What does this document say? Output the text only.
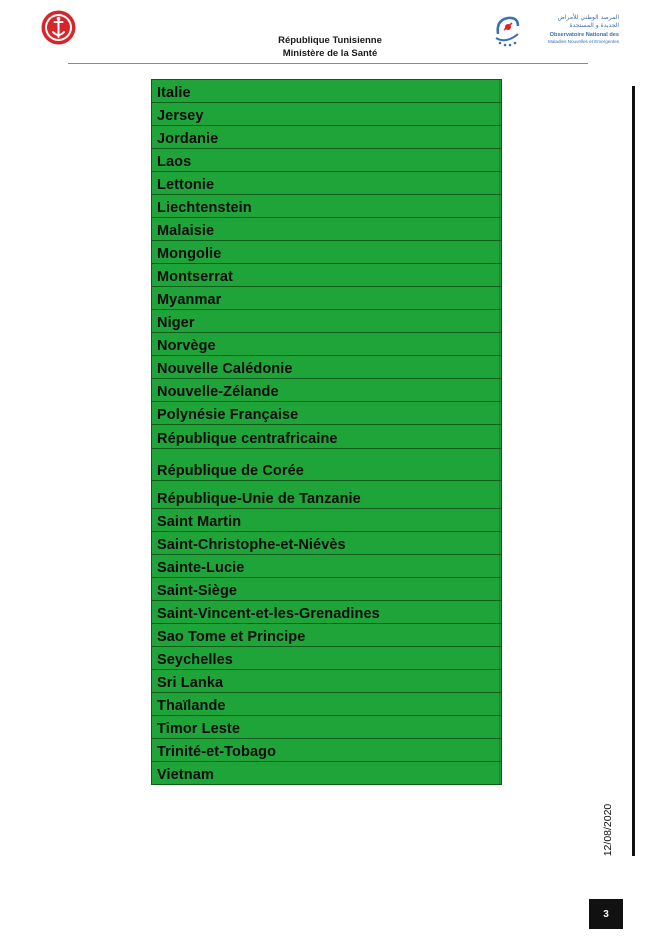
République Tunisienne
Ministère de la Santé
المرصد الوطني للأمراض
الجديدة و المستجدة
Observatoire National des
Maladies Nouvelles et Emergentes
Italie
Jersey
Jordanie
Laos
Lettonie
Liechtenstein
Malaisie
Mongolie
Montserrat
Myanmar
Niger
Norvège
Nouvelle Calédonie
Nouvelle-Zélande
Polynésie Française
République centrafricaine
République de Corée
République-Unie de Tanzanie
Saint Martin
Saint-Christophe-et-Niévès
Sainte-Lucie
Saint-Siège
Saint-Vincent-et-les-Grenadines
Sao Tome et Principe
Seychelles
Sri Lanka
Thaïlande
Timor Leste
Trinité-et-Tobago
Vietnam
12/08/2020
3
